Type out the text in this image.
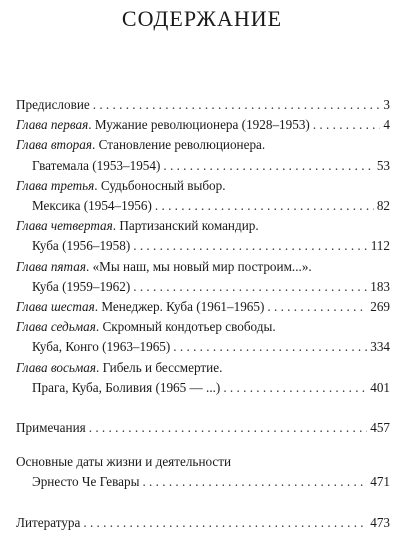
СОДЕРЖАНИЕ
Предисловие . . .	3
Глава первая. Мужание революционера (1928–1953) . . .	4
Глава вторая. Становление революционера.
Гватемала (1953–1954) . . .	53
Глава третья. Судьбоносный выбор.
Мексика (1954–1956) . . .	82
Глава четвертая. Партизанский командир.
Куба (1956–1958) . . .	112
Глава пятая. «Мы наш, мы новый мир построим...».
Куба (1959–1962) . . .	183
Глава шестая. Менеджер. Куба (1961–1965) . . .	269
Глава седьмая. Скромный кондотьер свободы.
Куба, Конго (1963–1965) . . .	334
Глава восьмая. Гибель и бессмертие.
Прага, Куба, Боливия (1965 — ...) . . .	401
Примечания . . .	457
Основные даты жизни и деятельности
Эрнесто Че Гевары . . .	471
Литература . . .	473
